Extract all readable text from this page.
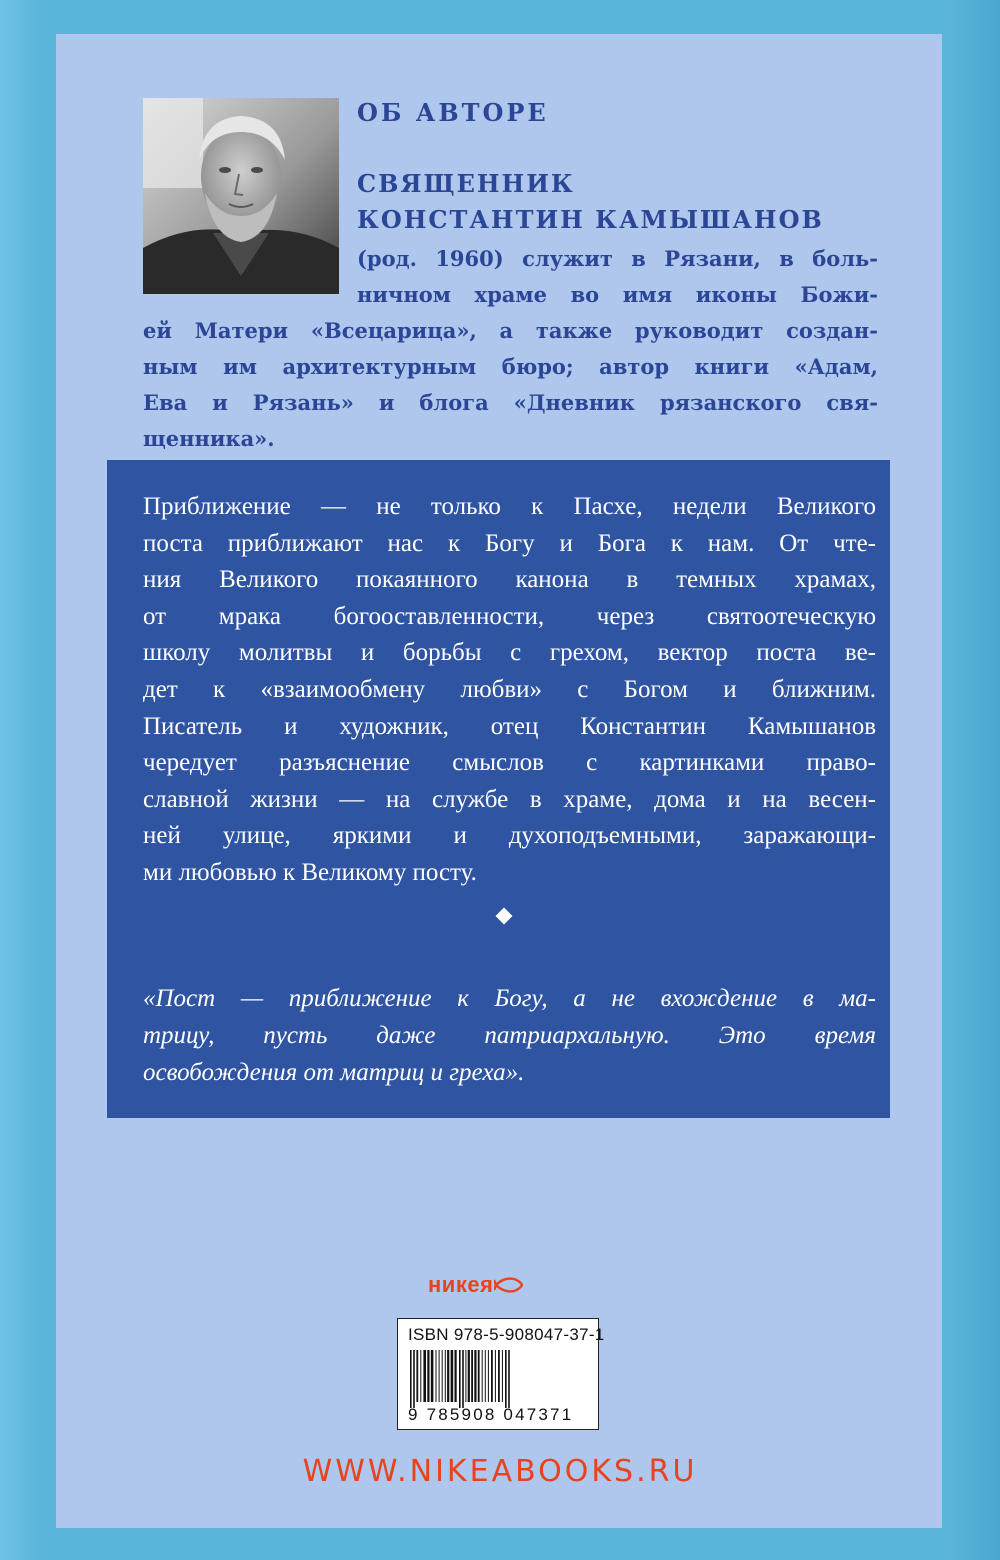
ОБ АВТОРЕ
СВЯЩЕННИК
КОНСТАНТИН КАМЫШАНОВ
(род. 1960) служит в Рязани, в боль-
ничном храме во имя иконы Божи-
ей Матери «Всецарица», а также руководит создан-
ным им архитектурным бюро; автор книги «Адам,
Ева и Рязань» и блога «Дневник рязанского свя-
щенника».
Приближение — не только к Пасхе, недели Великого
поста приближают нас к Богу и Бога к нам. От чте-
ния Великого покаянного канона в темных храмах,
от мрака богооставленности, через святоотеческую
школу молитвы и борьбы с грехом, вектор поста ве-
дет к «взаимообмену любви» с Богом и ближним.
Писатель и художник, отец Константин Камышанов
чередует разъяснение смыслов с картинками право-
славной жизни — на службе в храме, дома и на весен-
ней улице, яркими и духоподъемными, заражающи-
ми любовью к Великому посту.
«Пост — приближение к Богу, а не вхождение в ма-
трицу, пусть даже патриархальную. Это время
освобождения от матриц и греха».
никея
ISBN 978-5-908047-37-1
9 785908 047371
WWW.NIKEABOOKS.RU
